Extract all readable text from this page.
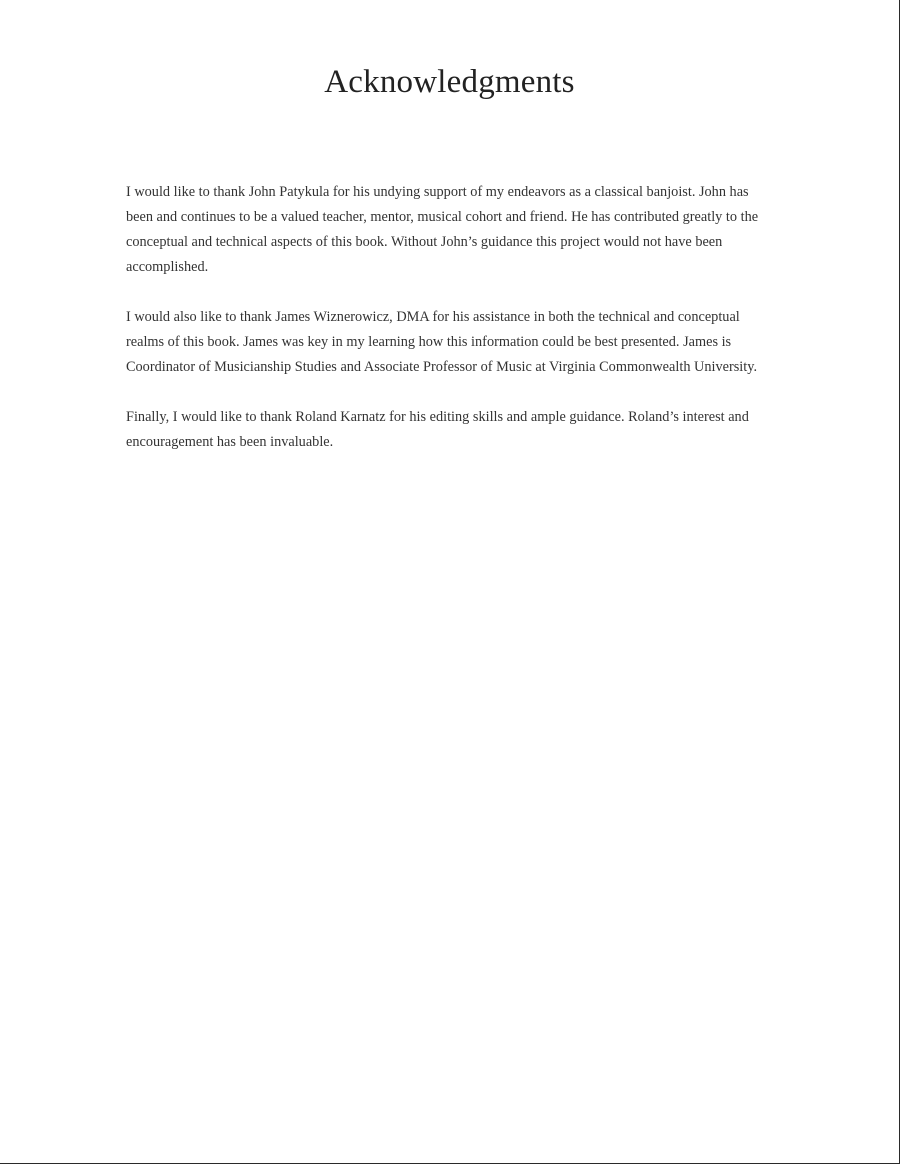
Acknowledgments

I would like to thank John Patykula for his undying support of my endeavors as a classical banjoist. John has been and continues to be a valued teacher, mentor, musical cohort and friend. He has contributed greatly to the conceptual and technical aspects of this book. Without John’s guidance this project would not have been accomplished.

I would also like to thank James Wiznerowicz, DMA for his assistance in both the technical and conceptual realms of this book. James was key in my learning how this information could be best presented. James is Coordinator of Musicianship Studies and Associate Professor of Music at Virginia Commonwealth University.

Finally, I would like to thank Roland Karnatz for his editing skills and ample guidance. Roland’s interest and encouragement has been invaluable.
